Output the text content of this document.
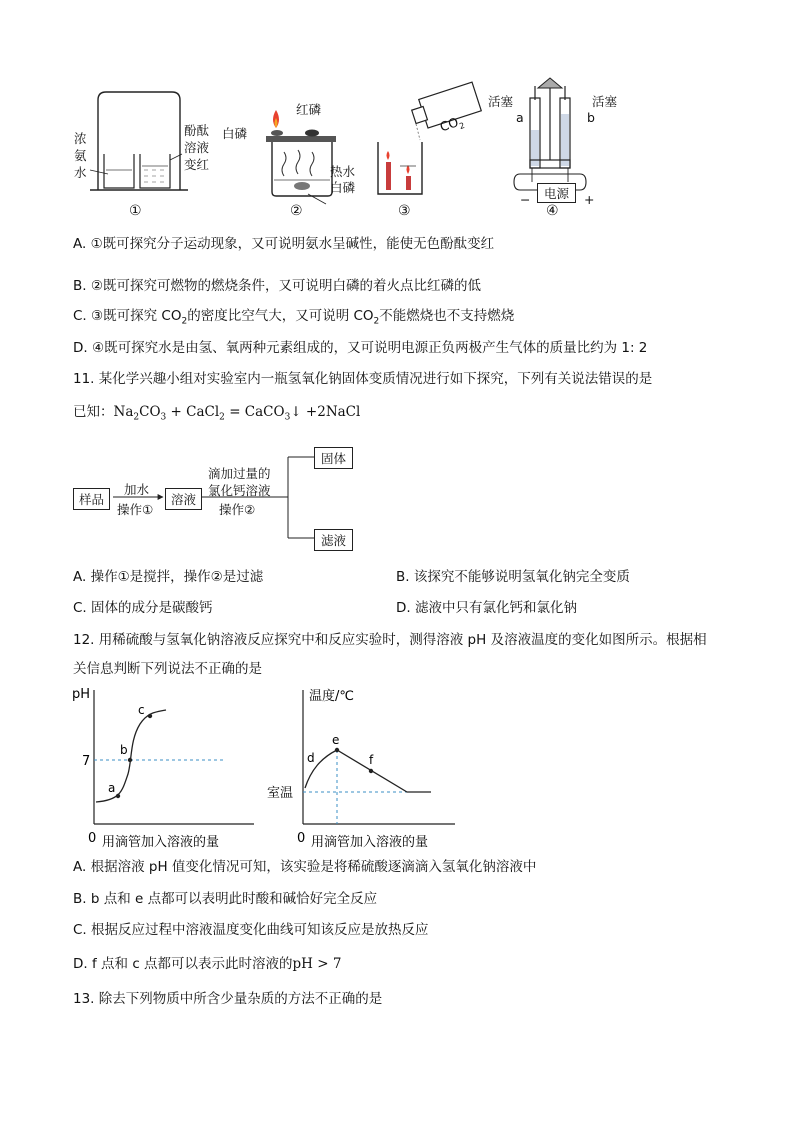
浓
氨
水
酚酞
溶液
变红
白磷
红磷
热水
白磷
$CO_2$
活塞	活塞
a	b
电源
−	+
①	②	③	④
A. ①既可探究分子运动现象，又可说明氨水呈碱性，能使无色酚酞变红
B. ②既可探究可燃物的燃烧条件，又可说明白磷的着火点比红磷的低
C. ③既可探究 $CO_2$的密度比空气大，又可说明 $CO_2$不能燃烧也不支持燃烧
D. ④既可探究水是由氢、氧两种元素组成的，又可说明电源正负两极产生气体的质量比约为 1: 2
11. 某化学兴趣小组对实验室内一瓶氢氧化钠固体变质情况进行如下探究，下列有关说法错误的是
已知：$Na_2CO_3$ + CaCl$_2$ = CaCO$_3$↓ +2NaCl
样品
加水
操作①
溶液
滴加过量的
氯化钙溶液
操作②
固体
滤液
A. 操作①是搅拌，操作②是过滤	B. 该探究不能够说明氢氧化钠完全变质
C. 固体的成分是碳酸钙	D. 滤液中只有氯化钙和氯化钠
12. 用稀硫酸与氢氧化钠溶液反应探究中和反应实验时，测得溶液 pH 及溶液温度的变化如图所示。根据相
关信息判断下列说法不正确的是
a
b
c
pH
7
0 用滴管加入溶液的量
d
e
f
温度/℃
室温
0 用滴管加入溶液的量
A. 根据溶液 pH 值变化情况可知，该实验是将稀硫酸逐滴滴入氢氧化钠溶液中
B. b 点和 e 点都可以表明此时酸和碱恰好完全反应
C. 根据反应过程中溶液温度变化曲线可知该反应是放热反应
D. f 点和 c 点都可以表示此时溶液的pH > 7
13. 除去下列物质中所含少量杂质的方法不正确的是
